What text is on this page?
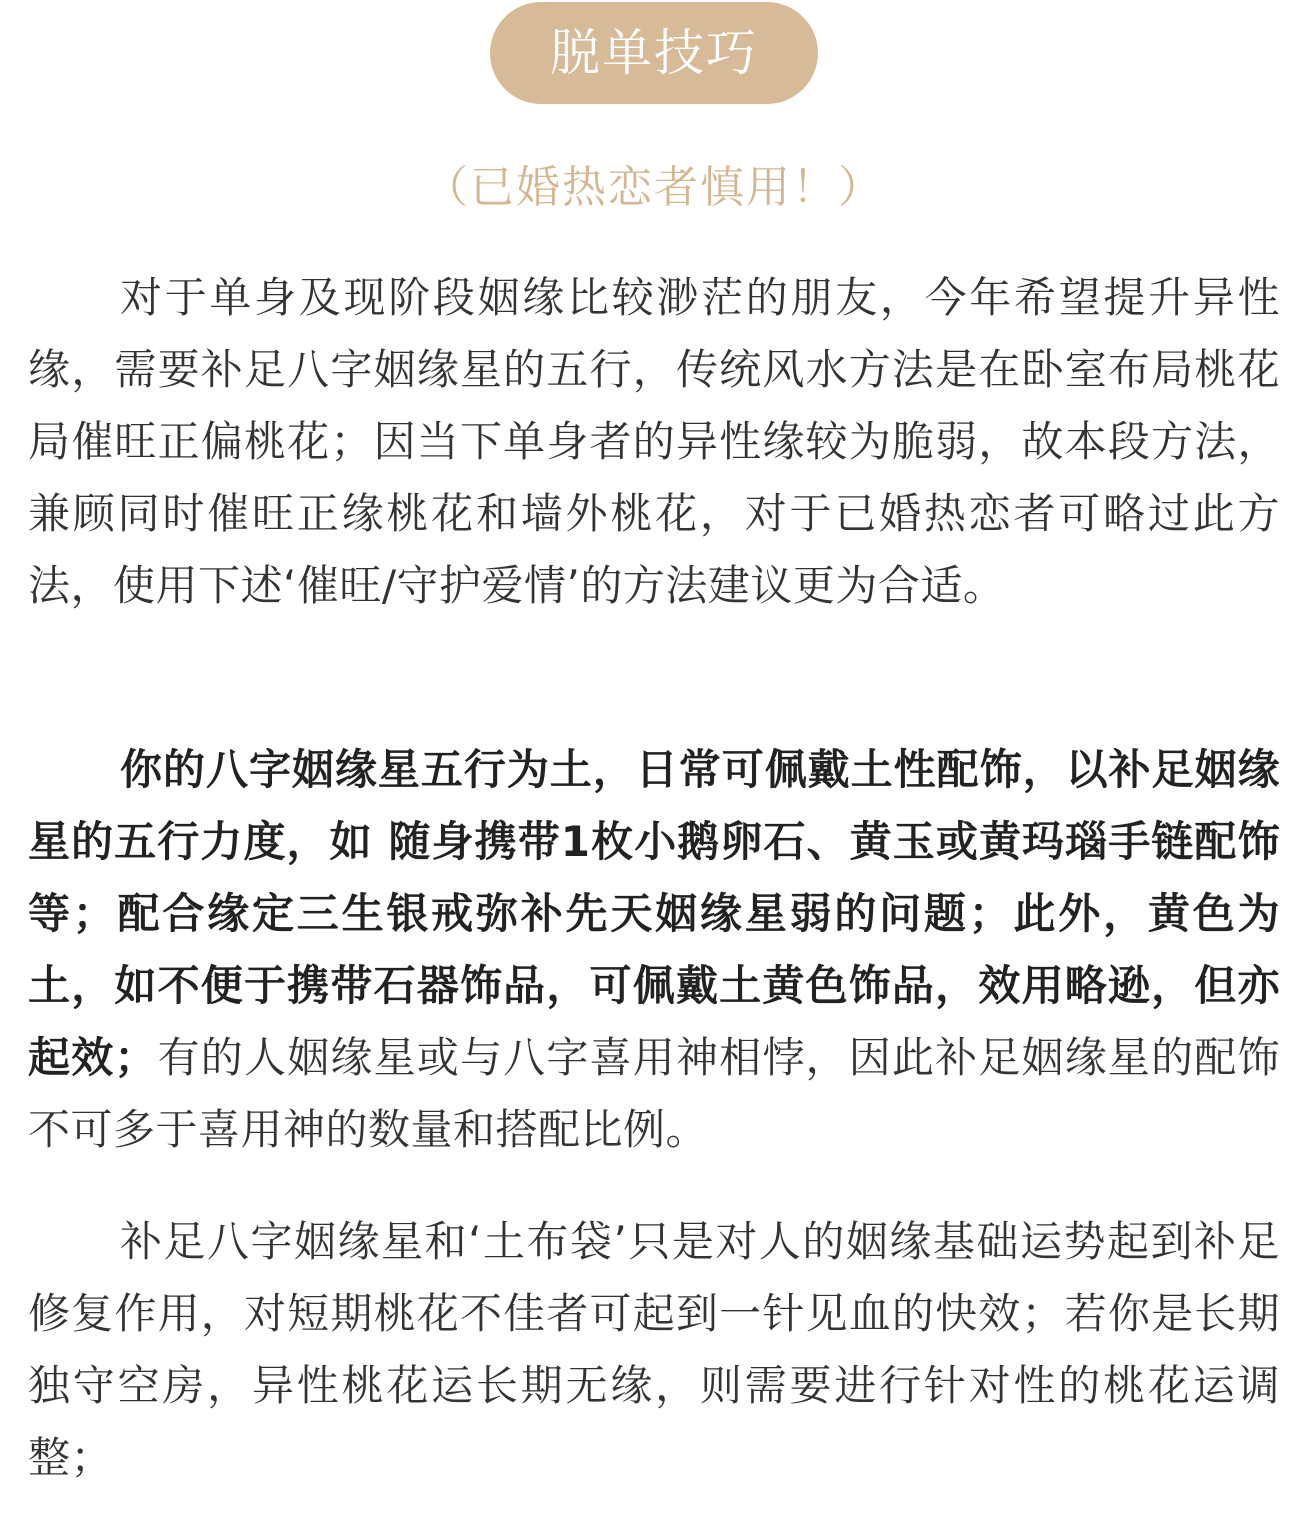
脱单技巧
（已婚热恋者慎用！）

对于单身及现阶段姻缘比较渺茫的朋友，今年希望提升异性缘，需要补足八字姻缘星的五行，传统风水方法是在卧室布局桃花局催旺正偏桃花；因当下单身者的异性缘较为脆弱，故本段方法，兼顾同时催旺正缘桃花和墙外桃花，对于已婚热恋者可略过此方法，使用下述‘催旺/守护爱情’的方法建议更为合适。

你的八字姻缘星五行为土，日常可佩戴土性配饰，以补足姻缘星的五行力度，如 随身携带1枚小鹅卵石、黄玉或黄玛瑙手链配饰等；配合缘定三生银戒弥补先天姻缘星弱的问题；此外，黄色为土，如不便于携带石器饰品，可佩戴土黄色饰品，效用略逊，但亦起效；有的人姻缘星或与八字喜用神相悖，因此补足姻缘星的配饰不可多于喜用神的数量和搭配比例。

补足八字姻缘星和‘土布袋’只是对人的姻缘基础运势起到补足修复作用，对短期桃花不佳者可起到一针见血的快效；若你是长期独守空房，异性桃花运长期无缘，则需要进行针对性的桃花运调整；
